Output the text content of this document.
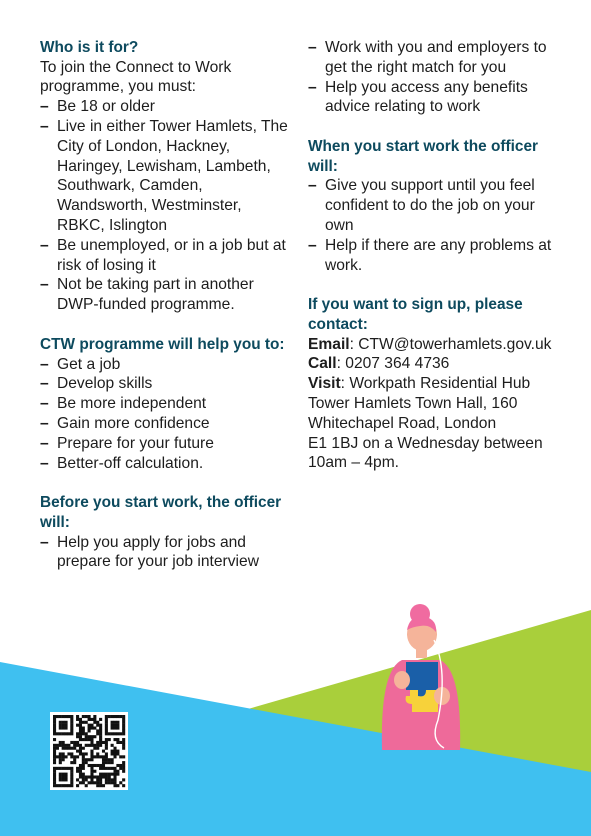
Who is it for?

To join the Connect to Work programme, you must:

– Be 18 or older
– Live in either Tower Hamlets, The City of London, Hackney, Haringey, Lewisham, Lambeth, Southwark, Camden, Wandsworth, Westminster, RBKC, Islington
– Be unemployed, or in a job but at risk of losing it
– Not be taking part in another DWP-funded programme.
CTW programme will help you to:
– Get a job
– Develop skills
– Be more independent
– Gain more confidence
– Prepare for your future
– Better-off calculation.
Before you start work, the officer will:
– Help you apply for jobs and prepare for your job interview
– Work with you and employers to get the right match for you
– Help you access any benefits advice relating to work
When you start work the officer will:
– Give you support until you feel confident to do the job on your own
– Help if there are any problems at work.
If you want to sign up, please contact:

Email: CTW@towerhamlets.gov.uk

Call: 0207 364 4736

Visit: Workpath Residential Hub Tower Hamlets Town Hall, 160 Whitechapel Road, London

E1 1BJ on a Wednesday between 10am – 4pm.
